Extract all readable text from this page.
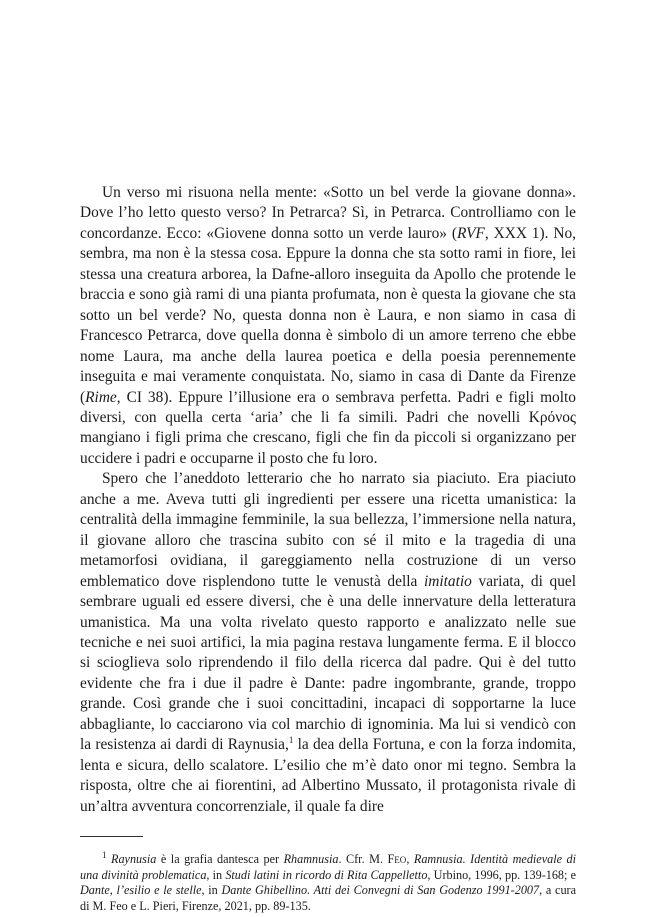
Un verso mi risuona nella mente: «Sotto un bel verde la giovane donna». Dove l’ho letto questo verso? In Petrarca? Sì, in Petrarca. Controlliamo con le concordanze. Ecco: «Giovene donna sotto un verde lauro» (RVF, XXX 1). No, sembra, ma non è la stessa cosa. Eppure la donna che sta sotto rami in fiore, lei stessa una creatura arborea, la Dafne-alloro inseguita da Apollo che protende le braccia e sono già rami di una pianta profumata, non è questa la giovane che sta sotto un bel verde? No, questa donna non è Laura, e non siamo in casa di Francesco Petrarca, dove quella donna è simbolo di un amore terreno che ebbe nome Laura, ma anche della laurea poetica e della poesia perennemente inseguita e mai veramente conquistata. No, siamo in casa di Dante da Firenze (Rime, CI 38). Eppure l’illusione era o sembrava perfetta. Padri e figli molto diversi, con quella certa ‘aria’ che li fa simili. Padri che novelli Κρόνος mangiano i figli prima che crescano, figli che fin da piccoli si organizzano per uccidere i padri e occuparne il posto che fu loro.

Spero che l’aneddoto letterario che ho narrato sia piaciuto. Era piaciuto anche a me. Aveva tutti gli ingredienti per essere una ricetta umanistica: la centralità della immagine femminile, la sua bellezza, l’immersione nella natura, il giovane alloro che trascina subito con sé il mito e la tragedia di una metamorfosi ovidiana, il gareggiamento nella costruzione di un verso emblematico dove risplendono tutte le venustà della imitatio variata, di quel sembrare uguali ed essere diversi, che è una delle innervature della letteratura umanistica. Ma una volta rivelato questo rapporto e analizzato nelle sue tecniche e nei suoi artifici, la mia pagina restava lungamente ferma. E il blocco si scioglieva solo riprendendo il filo della ricerca dal padre. Qui è del tutto evidente che fra i due il padre è Dante: padre ingombrante, grande, troppo grande. Così grande che i suoi concittadini, incapaci di sopportarne la luce abbagliante, lo cacciarono via col marchio di ignominia. Ma lui si vendicò con la resistenza ai dardi di Raynusia,$^1$ la dea della Fortuna, e con la forza indomita, lenta e sicura, dello scalatore. L’esilio che m’è dato onor mi tegno. Sembra la risposta, oltre che ai fiorentini, ad Albertino Mussato, il protagonista rivale di un’altra avventura concorrenziale, il quale fa dire

$^1$ Raynusia è la grafia dantesca per Rhamnusia. Cfr. M. Feo, Ramnusia. Identità medievale di una divinità problematica, in Studi latini in ricordo di Rita Cappelletto, Urbino, 1996, pp. 139-168; e Dante, l’esilio e le stelle, in Dante Ghibellino. Atti dei Convegni di San Godenzo 1991-2007, a cura di M. Feo e L. Pieri, Firenze, 2021, pp. 89-135.
